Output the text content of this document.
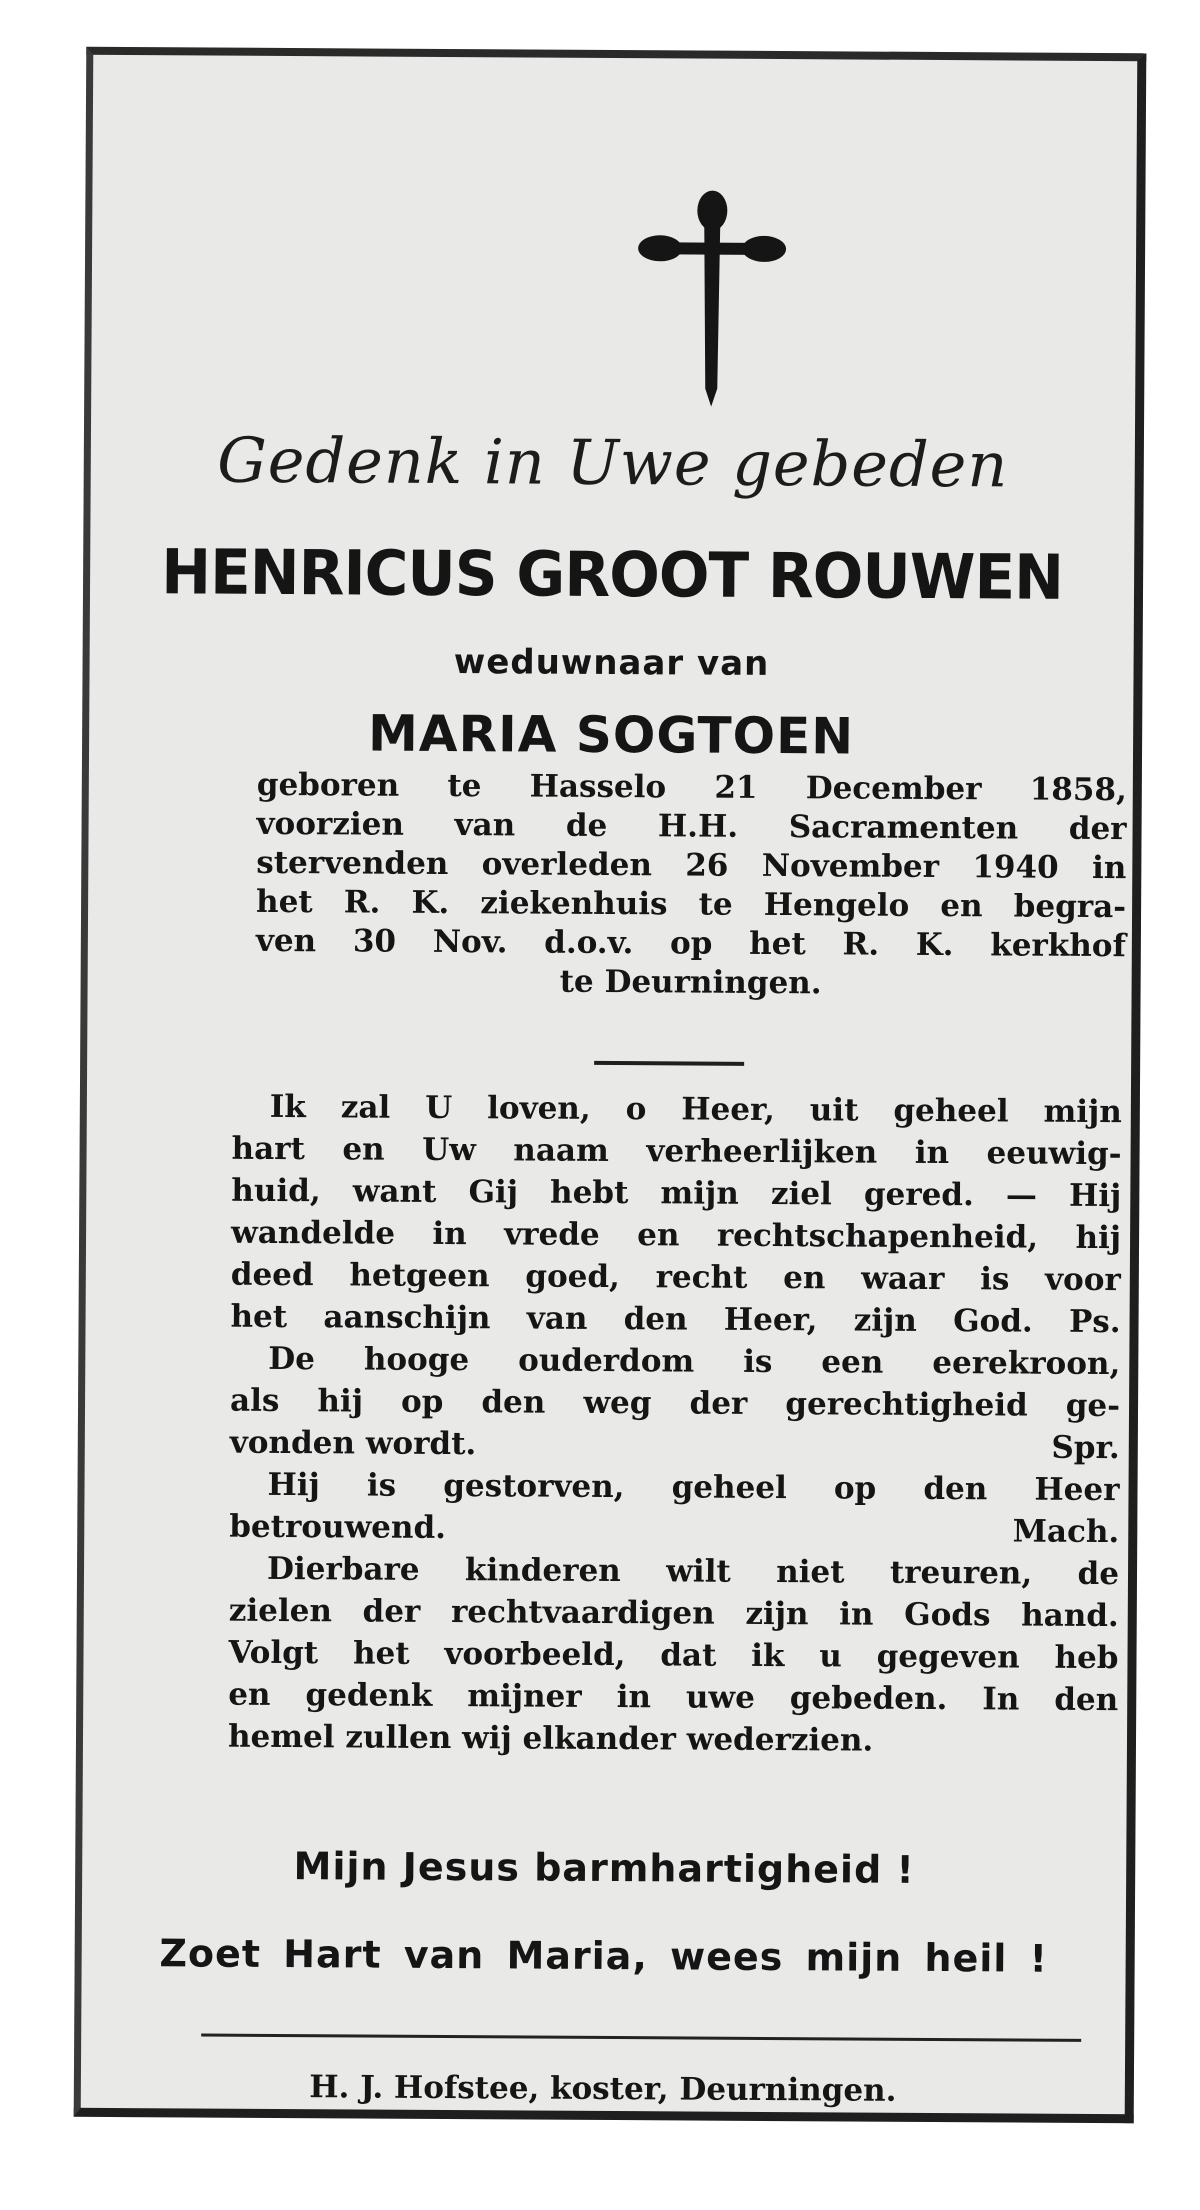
Gedenk in Uwe gebeden
HENRICUS GROOT ROUWEN
weduwnaar van
MARIA SOGTOEN
geboren te Hasselo 21 December 1858,
voorzien van de H.H. Sacramenten der
stervenden overleden 26 November 1940 in
het R. K. ziekenhuis te Hengelo en begra-
ven 30 Nov. d.o.v. op het R. K. kerkhof
te Deurningen.
Ik zal U loven, o Heer, uit geheel mijn
hart en Uw naam verheerlijken in eeuwig-
huid, want Gij hebt mijn ziel gered. — Hij
wandelde in vrede en rechtschapenheid, hij
deed hetgeen goed, recht en waar is voor
het aanschijn van den Heer, zijn God. Ps.
De hooge ouderdom is een eerekroon,
als hij op den weg der gerechtigheid ge-
vonden wordt.	Spr.
Hij is gestorven, geheel op den Heer
betrouwend.	Mach.
Dierbare kinderen wilt niet treuren, de
zielen der rechtvaardigen zijn in Gods hand.
Volgt het voorbeeld, dat ik u gegeven heb
en gedenk mijner in uwe gebeden. In den
hemel zullen wij elkander wederzien.
Mijn Jesus barmhartigheid !
Zoet Hart van Maria, wees mijn heil !
H. J. Hofstee, koster, Deurningen.
